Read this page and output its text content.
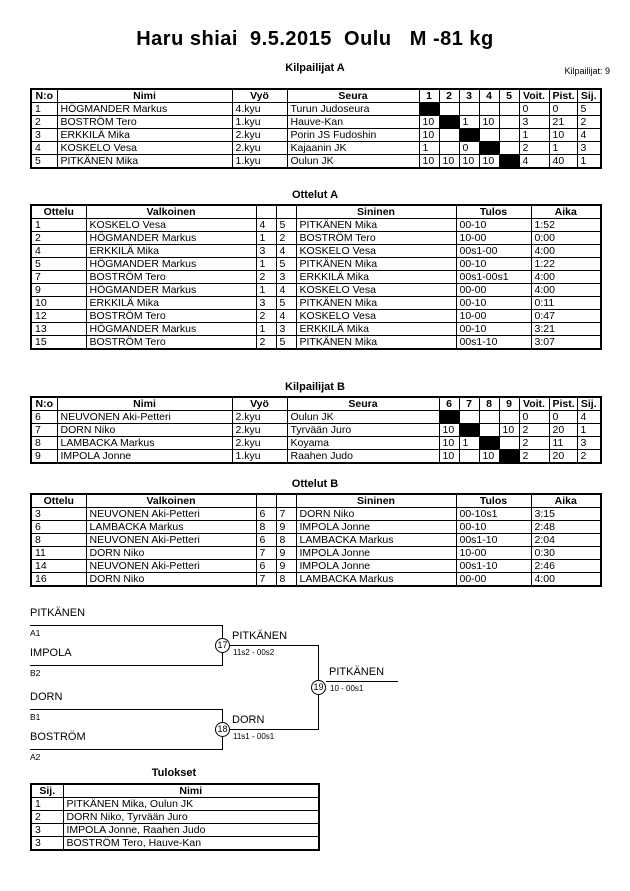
Haru shiai  9.5.2015  Oulu   M -81 kg
Kilpailijat A	Kilpailijat: 9
N:o	Nimi	Vyö	Seura	1	2	3	4	5	Voit.	Pist.	Sij.
1	HÖGMANDER Markus	4.kyu	Turun Judoseura						0	0	5
2	BOSTRÖM Tero	1.kyu	Hauve-Kan	10		1	10		3	21	2
3	ERKKILÄ Mika	2.kyu	Porin JS Fudoshin	10					1	10	4
4	KOSKELO Vesa	2.kyu	Kajaanin JK	1		0			2	1	3
5	PITKÄNEN Mika	1.kyu	Oulun JK	10	10	10	10		4	40	1
Ottelut A
Ottelu	Valkoinen			Sininen	Tulos	Aika
1	KOSKELO Vesa	4	5	PITKÄNEN Mika	00-10	1:52
2	HÖGMANDER Markus	1	2	BOSTRÖM Tero	10-00	0:00
4	ERKKILÄ Mika	3	4	KOSKELO Vesa	00s1-00	4:00
5	HÖGMANDER Markus	1	5	PITKÄNEN Mika	00-10	1:22
7	BOSTRÖM Tero	2	3	ERKKILÄ Mika	00s1-00s1	4:00
9	HÖGMANDER Markus	1	4	KOSKELO Vesa	00-00	4:00
10	ERKKILÄ Mika	3	5	PITKÄNEN Mika	00-10	0:11
12	BOSTRÖM Tero	2	4	KOSKELO Vesa	10-00	0:47
13	HÖGMANDER Markus	1	3	ERKKILÄ Mika	00-10	3:21
15	BOSTRÖM Tero	2	5	PITKÄNEN Mika	00s1-10	3:07
Kilpailijat B
N:o	Nimi	Vyö	Seura	6	7	8	9	Voit.	Pist.	Sij.
6	NEUVONEN Aki-Petteri	2.kyu	Oulun JK					0	0	4
7	DORN Niko	2.kyu	Tyrvään Juro	10			10	2	20	1
8	LAMBACKA Markus	2.kyu	Koyama	10	1			2	11	3
9	IMPOLA Jonne	1.kyu	Raahen Judo	10		10		2	20	2
Ottelut B
Ottelu	Valkoinen			Sininen	Tulos	Aika
3	NEUVONEN Aki-Petteri	6	7	DORN Niko	00-10s1	3:15
6	LAMBACKA Markus	8	9	IMPOLA Jonne	00-10	2:48
8	NEUVONEN Aki-Petteri	6	8	LAMBACKA Markus	00s1-10	2:04
11	DORN Niko	7	9	IMPOLA Jonne	10-00	0:30
14	NEUVONEN Aki-Petteri	6	9	IMPOLA Jonne	00s1-10	2:46
16	DORN Niko	7	8	LAMBACKA Markus	00-00	4:00
PITKÄNEN
A1
IMPOLA
B2
17
PITKÄNEN
11s2 - 00s2
DORN
B1
BOSTRÖM
A2
18
DORN
11s1 - 00s1
19
PITKÄNEN
10 - 00s1
Tulokset
Sij.	Nimi
1	PITKÄNEN Mika, Oulun JK
2	DORN Niko, Tyrvään Juro
3	IMPOLA Jonne, Raahen Judo
3	BOSTRÖM Tero, Hauve-Kan
